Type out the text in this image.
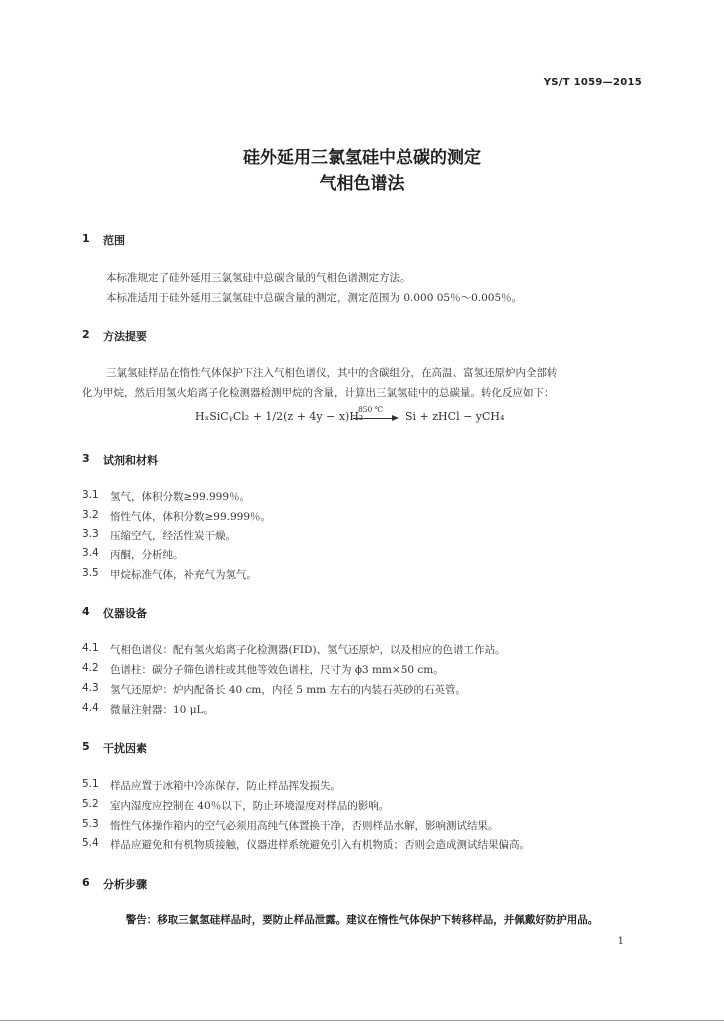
YS/T 1059—2015
硅外延用三氯氢硅中总碳的测定
气相色谱法
1 范围
本标准规定了硅外延用三氯氢硅中总碳含量的气相色谱测定方法。
本标准适用于硅外延用三氯氢硅中总碳含量的测定，测定范围为 0.000 05％～0.005％。
2 方法提要
三氯氢硅样品在惰性气体保护下注入气相色谱仪，其中的含碳组分，在高温、富氢还原炉内全部转
化为甲烷，然后用氢火焰离子化检测器检测甲烷的含量，计算出三氯氢硅中的总碳量。转化反应如下：
HₓSiCᵧCl₂ + 1/2(z + 4y − x)H₂
850 ℃
Si + zHCl − yCH₄
3 试剂和材料
3.1 氢气，体积分数≥99.999％。
3.2 惰性气体，体积分数≥99.999％。
3.3 压缩空气，经活性炭干燥。
3.4 丙酮，分析纯。
3.5 甲烷标准气体，补充气为氢气。
4 仪器设备
4.1 气相色谱仪：配有氢火焰离子化检测器(FID)、氢气还原炉，以及相应的色谱工作站。
4.2 色谱柱：碳分子筛色谱柱或其他等效色谱柱，尺寸为 ϕ3 mm×50 cm。
4.3 氢气还原炉：炉内配备长 40 cm，内径 5 mm 左右的内装石英砂的石英管。
4.4 微量注射器：10 μL。
5 干扰因素
5.1 样品应置于冰箱中冷冻保存，防止样品挥发损失。
5.2 室内湿度应控制在 40％以下，防止环境湿度对样品的影响。
5.3 惰性气体操作箱内的空气必须用高纯气体置换干净，否则样品水解，影响测试结果。
5.4 样品应避免和有机物质接触，仪器进样系统避免引入有机物质；否则会造成测试结果偏高。
6 分析步骤
警告：移取三氯氢硅样品时，要防止样品泄露。建议在惰性气体保护下转移样品，并佩戴好防护用品。
1
